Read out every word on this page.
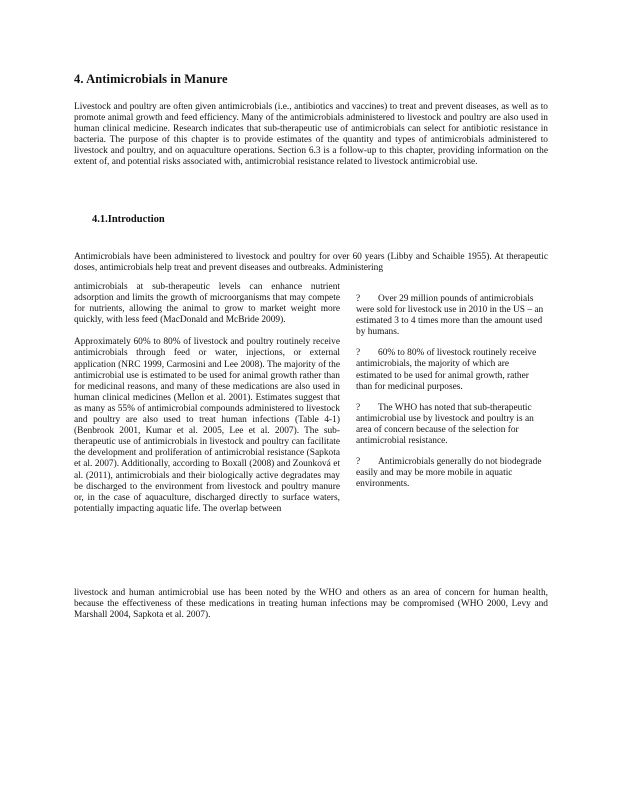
4. Antimicrobials in Manure

Livestock and poultry are often given antimicrobials (i.e., antibiotics and vaccines) to treat and prevent diseases, as well as to promote animal growth and feed efficiency. Many of the antimicrobials administered to livestock and poultry are also used in human clinical medicine. Research indicates that sub-therapeutic use of antimicrobials can select for antibiotic resistance in bacteria. The purpose of this chapter is to provide estimates of the quantity and types of antimicrobials administered to livestock and poultry, and on aquaculture operations. Section 6.3 is a follow-up to this chapter, providing information on the extent of, and potential risks associated with, antimicrobial resistance related to livestock antimicrobial use.

4.1.Introduction

Antimicrobials have been administered to livestock and poultry for over 60 years (Libby and Schaible 1955). At therapeutic doses, antimicrobials help treat and prevent diseases and outbreaks. Administering

antimicrobials at sub-therapeutic levels can enhance nutrient adsorption and limits the growth of microorganisms that may compete for nutrients, allowing the animal to grow to market weight more quickly, with less feed (MacDonald and McBride 2009).

Approximately 60% to 80% of livestock and poultry routinely receive antimicrobials through feed or water, injections, or external application (NRC 1999, Carmosini and Lee 2008). The majority of the antimicrobial use is estimated to be used for animal growth rather than for medicinal reasons, and many of these medications are also used in human clinical medicines (Mellon et al. 2001). Estimates suggest that as many as 55% of antimicrobial compounds administered to livestock and poultry are also used to treat human infections (Table 4-1) (Benbrook 2001, Kumar et al. 2005, Lee et al. 2007). The sub-therapeutic use of antimicrobials in livestock and poultry can facilitate the development and proliferation of antimicrobial resistance (Sapkota et al. 2007). Additionally, according to Boxall (2008) and Zounková et al. (2011), antimicrobials and their biologically active degradates may be discharged to the environment from livestock and poultry manure or, in the case of aquaculture, discharged directly to surface waters, potentially impacting aquatic life. The overlap between

? Over 29 million pounds of antimicrobials were sold for livestock use in 2010 in the US – an estimated 3 to 4 times more than the amount used by humans.

? 60% to 80% of livestock routinely receive antimicrobials, the majority of which are estimated to be used for animal growth, rather than for medicinal purposes.

? The WHO has noted that sub-therapeutic antimicrobial use by livestock and poultry is an area of concern because of the selection for antimicrobial resistance.

? Antimicrobials generally do not biodegrade easily and may be more mobile in aquatic environments.

livestock and human antimicrobial use has been noted by the WHO and others as an area of concern for human health, because the effectiveness of these medications in treating human infections may be compromised (WHO 2000, Levy and Marshall 2004, Sapkota et al. 2007).
